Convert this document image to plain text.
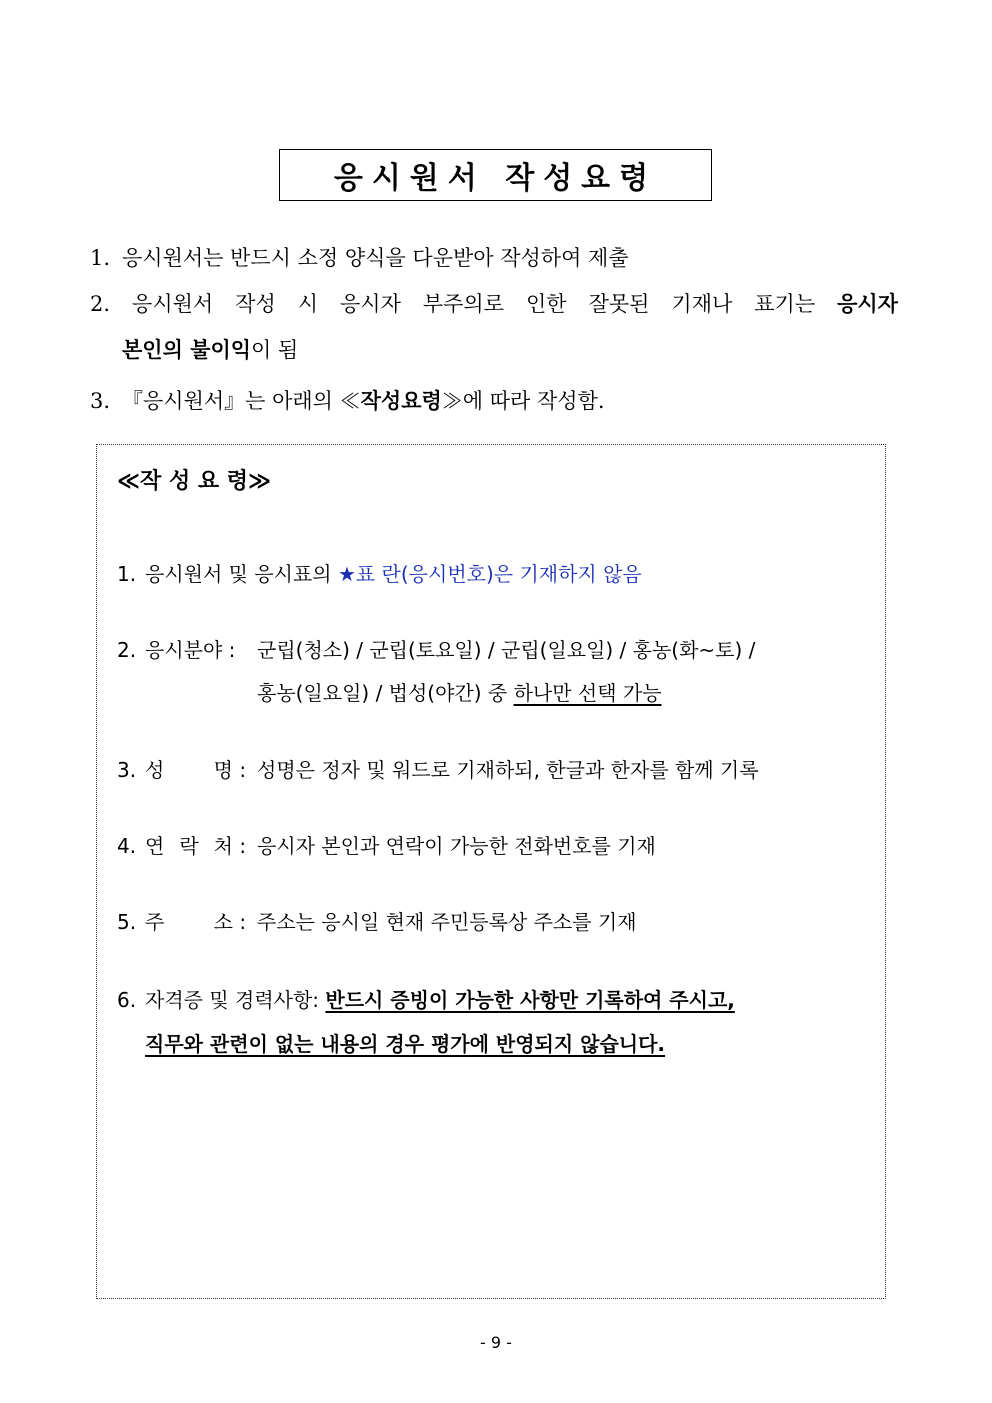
응시원서 작성요령
1. 응시원서는 반드시 소정 양식을 다운받아 작성하여 제출
2. 응시원서 작성 시 응시자 부주의로 인한 잘못된 기재나 표기는 응시자
본인의 불이익이 됨
3. 『응시원서』는 아래의 ≪작성요령≫에 따라 작성함.
≪작 성 요 령≫
1. 응시원서 및 응시표의 ★표 란(응시번호)은 기재하지 않음
2. 응시분야 : 군립(청소) / 군립(토요일) / 군립(일요일) / 홍농(화~토) /
홍농(일요일) / 법성(야간) 중 하나만 선택 가능
3. 성 명 : 성명은 정자 및 워드로 기재하되, 한글과 한자를 함께 기록
4. 연 락 처 : 응시자 본인과 연락이 가능한 전화번호를 기재
5. 주 소 : 주소는 응시일 현재 주민등록상 주소를 기재
6. 자격증 및 경력사항: 반드시 증빙이 가능한 사항만 기록하여 주시고,
직무와 관련이 없는 내용의 경우 평가에 반영되지 않습니다.
- 9 -
